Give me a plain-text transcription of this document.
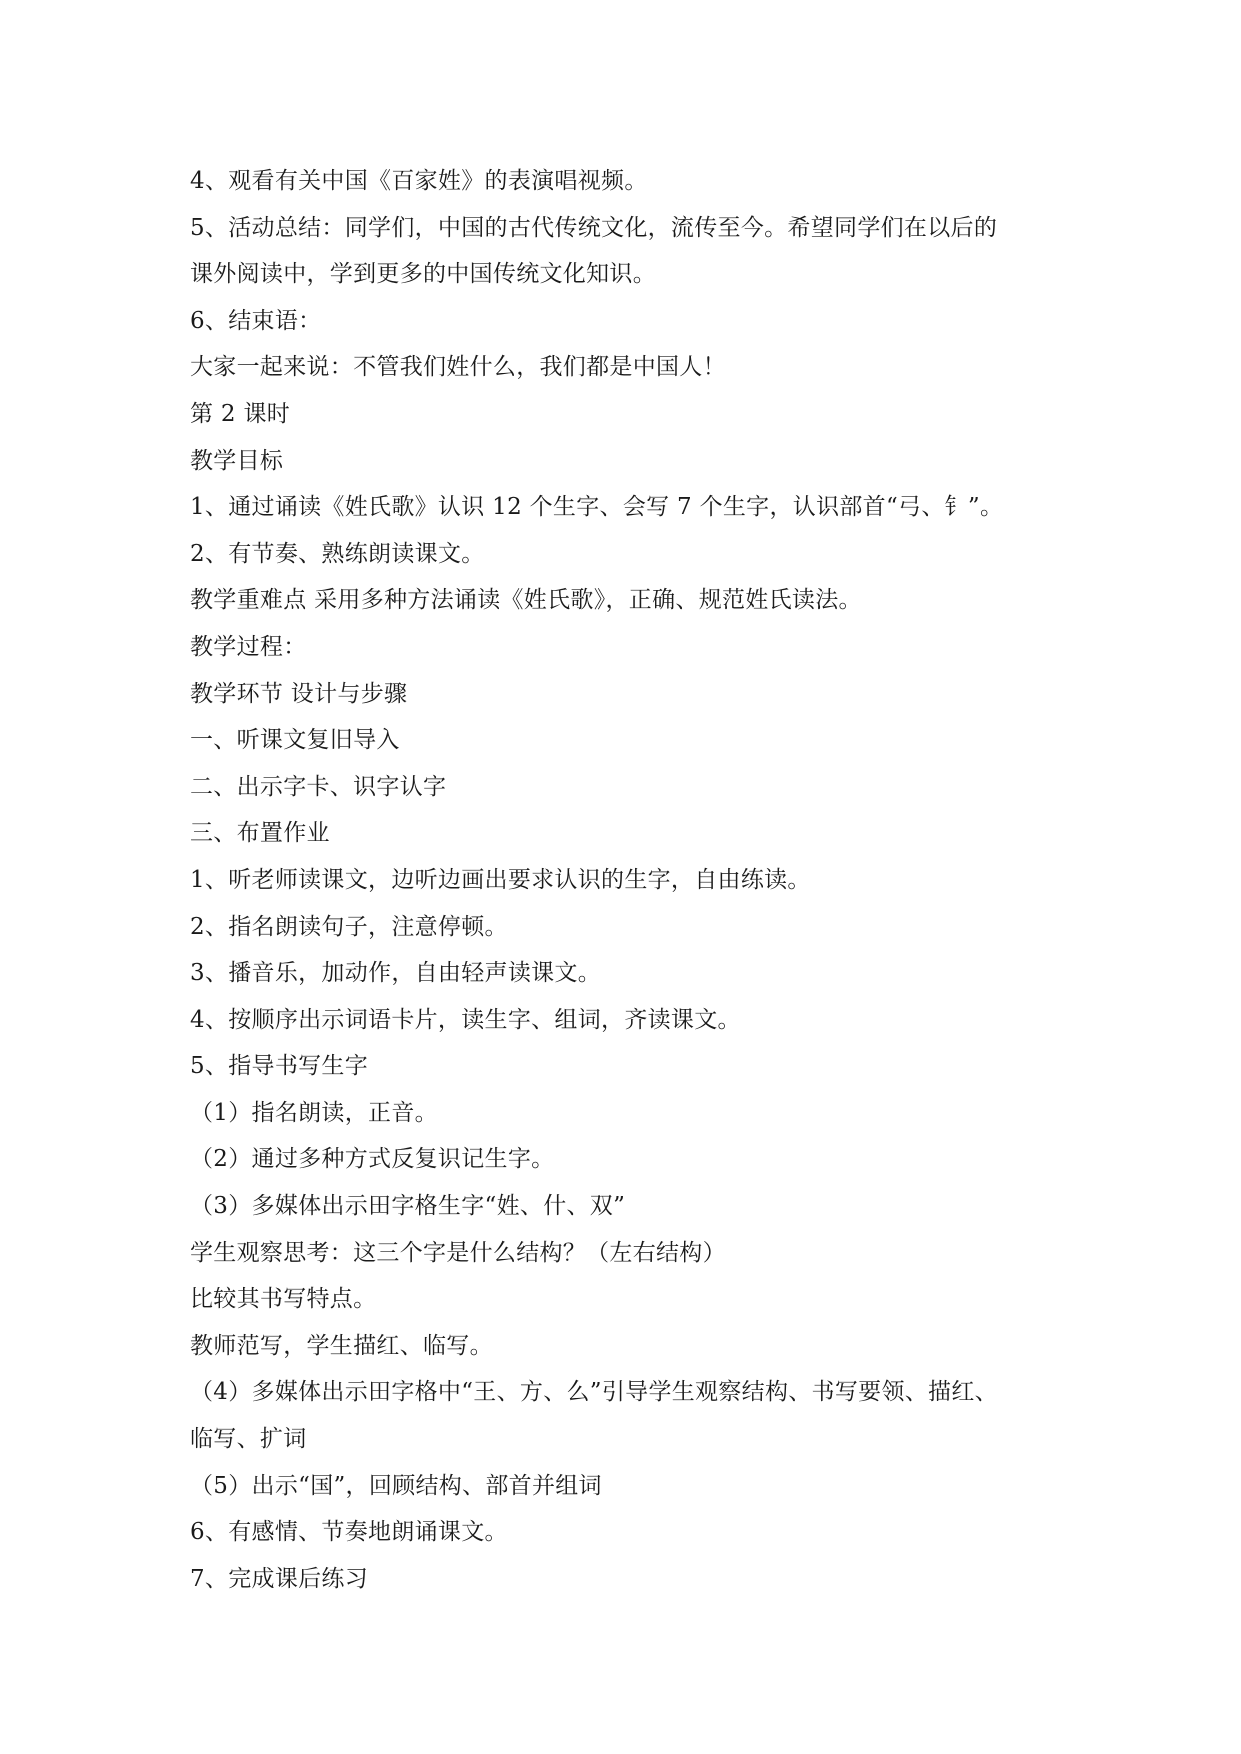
4、观看有关中国《百家姓》的表演唱视频。
5、活动总结：同学们，中国的古代传统文化，流传至今。希望同学们在以后的
课外阅读中，学到更多的中国传统文化知识。
6、结束语：
大家一起来说：不管我们姓什么，我们都是中国人！
第 2 课时
教学目标
1、通过诵读《姓氏歌》认识 12 个生字、会写 7 个生字，认识部首“弓、钅”。
2、有节奏、熟练朗读课文。
教学重难点 采用多种方法诵读《姓氏歌》，正确、规范姓氏读法。
教学过程：
教学环节 设计与步骤
一、听课文复旧导入
二、出示字卡、识字认字
三、布置作业
1、听老师读课文，边听边画出要求认识的生字，自由练读。
2、指名朗读句子，注意停顿。
3、播音乐，加动作，自由轻声读课文。
4、按顺序出示词语卡片，读生字、组词，齐读课文。
5、指导书写生字
（1）指名朗读，正音。
（2）通过多种方式反复识记生字。
（3）多媒体出示田字格生字“姓、什、双”
学生观察思考：这三个字是什么结构？（左右结构）
比较其书写特点。
教师范写，学生描红、临写。
（4）多媒体出示田字格中“王、方、么”引导学生观察结构、书写要领、描红、
临写、扩词
（5）出示“国”，回顾结构、部首并组词
6、有感情、节奏地朗诵课文。
7、完成课后练习
